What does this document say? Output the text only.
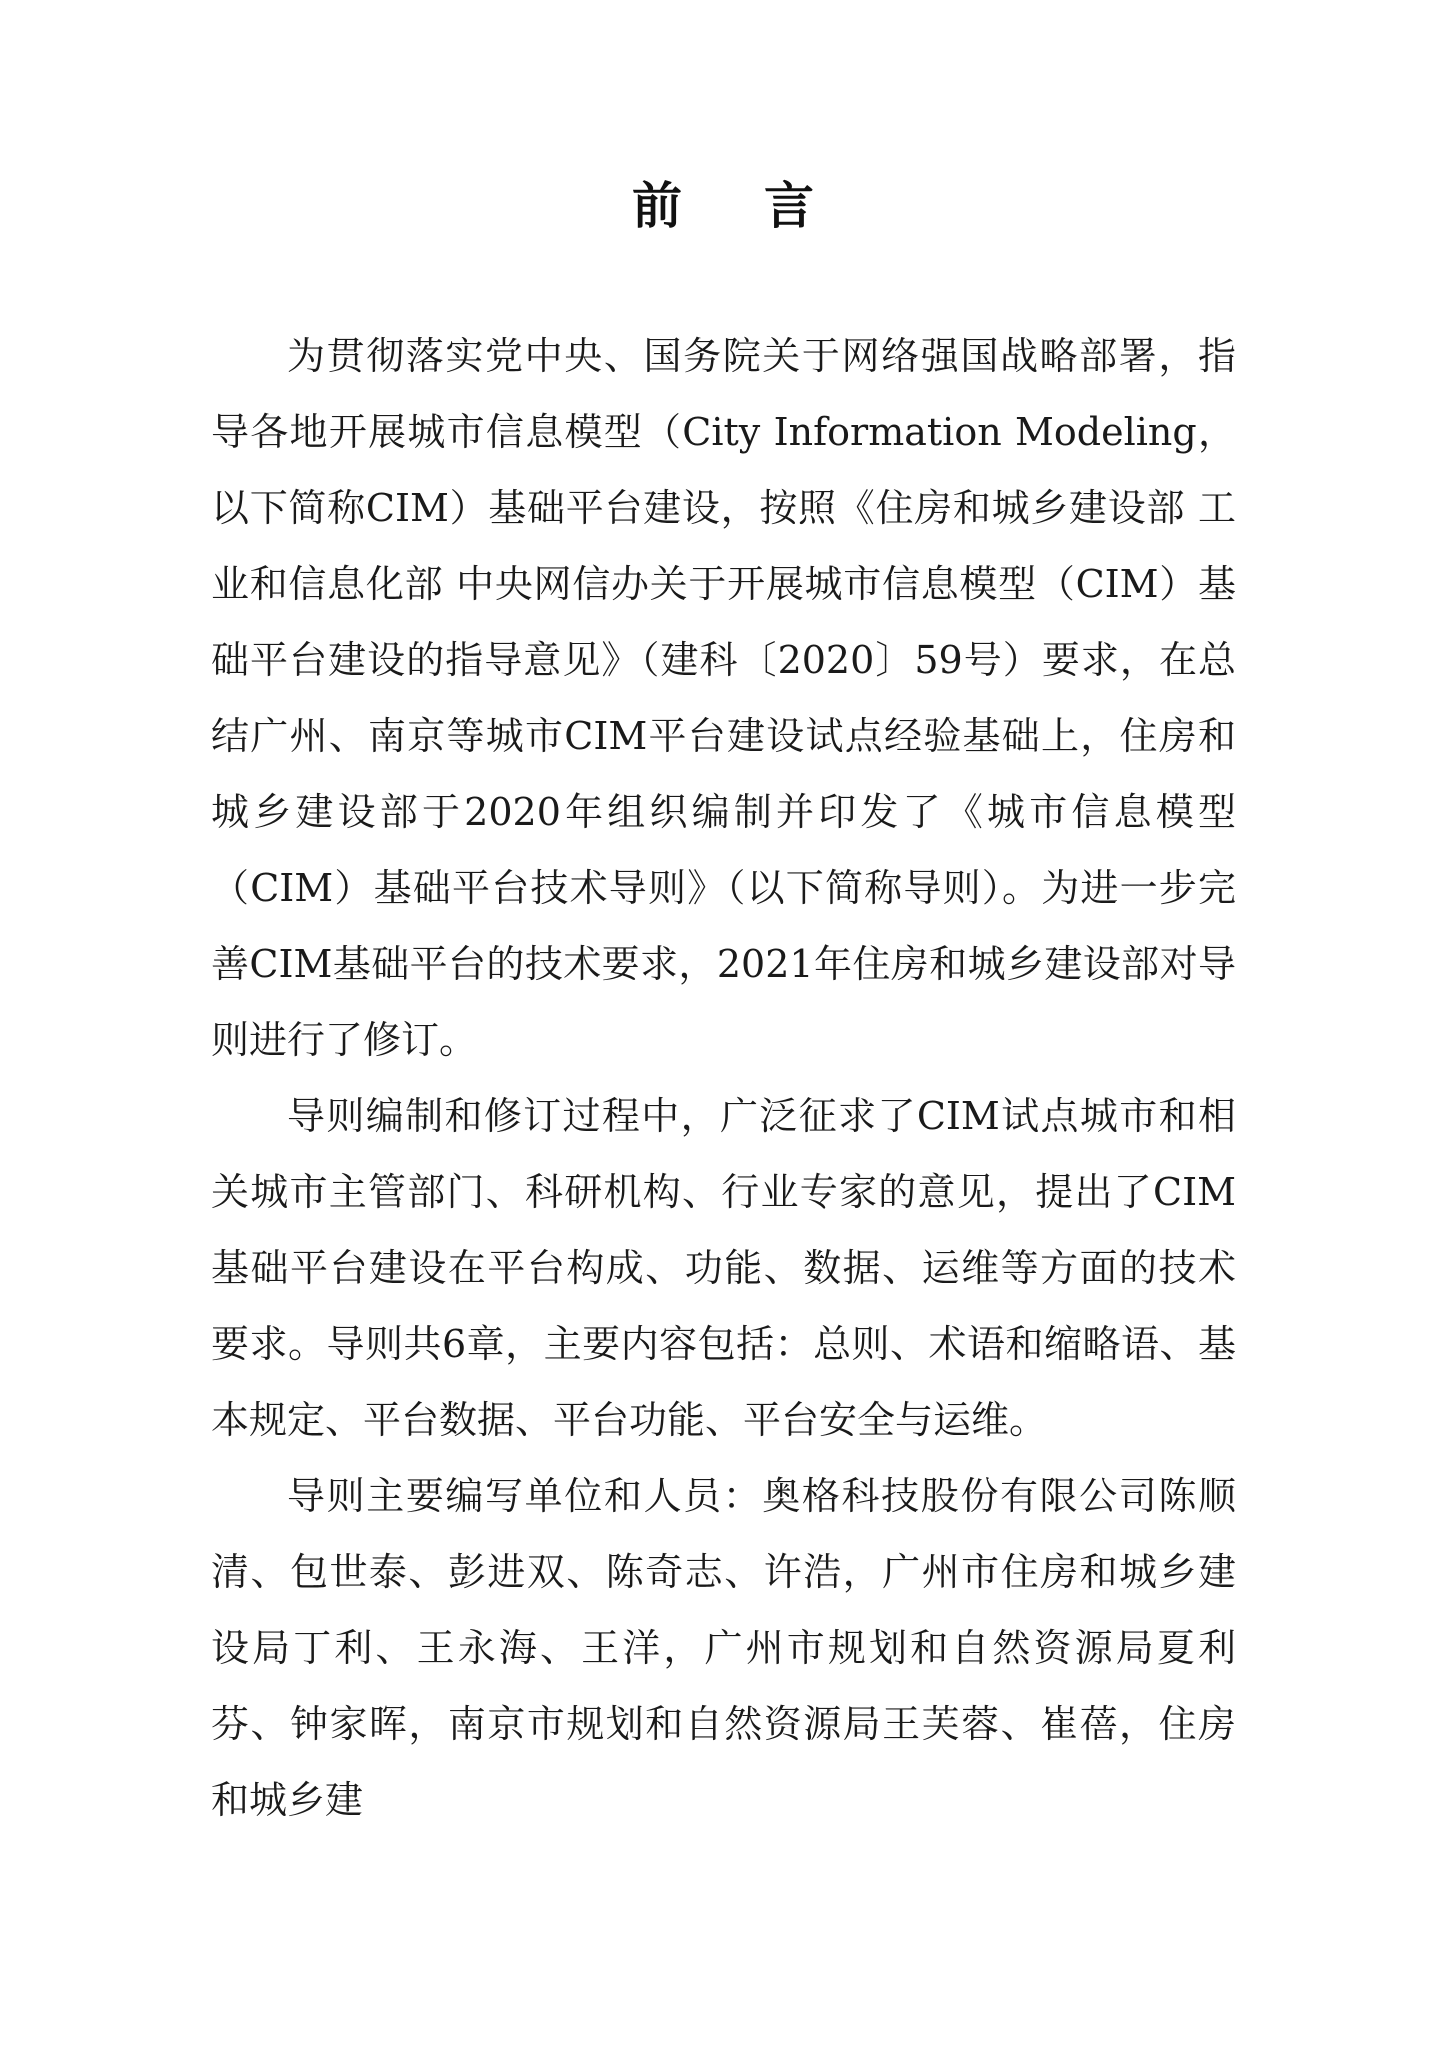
前 言

为贯彻落实党中央、国务院关于网络强国战略部署，指导各地开展城市信息模型（City Information Modeling，以下简称CIM）基础平台建设，按照《住房和城乡建设部 工业和信息化部 中央网信办关于开展城市信息模型（CIM）基础平台建设的指导意见》（建科〔2020〕59号）要求，在总结广州、南京等城市CIM平台建设试点经验基础上，住房和城乡建设部于2020年组织编制并印发了《城市信息模型（CIM）基础平台技术导则》（以下简称导则）。为进一步完善CIM基础平台的技术要求，2021年住房和城乡建设部对导则进行了修订。

导则编制和修订过程中，广泛征求了CIM试点城市和相关城市主管部门、科研机构、行业专家的意见，提出了CIM基础平台建设在平台构成、功能、数据、运维等方面的技术要求。导则共6章，主要内容包括：总则、术语和缩略语、基本规定、平台数据、平台功能、平台安全与运维。

导则主要编写单位和人员：奥格科技股份有限公司陈顺清、包世泰、彭进双、陈奇志、许浩，广州市住房和城乡建设局丁利、王永海、王洋，广州市规划和自然资源局夏利芬、钟家晖，南京市规划和自然资源局王芙蓉、崔蓓，住房和城乡建
